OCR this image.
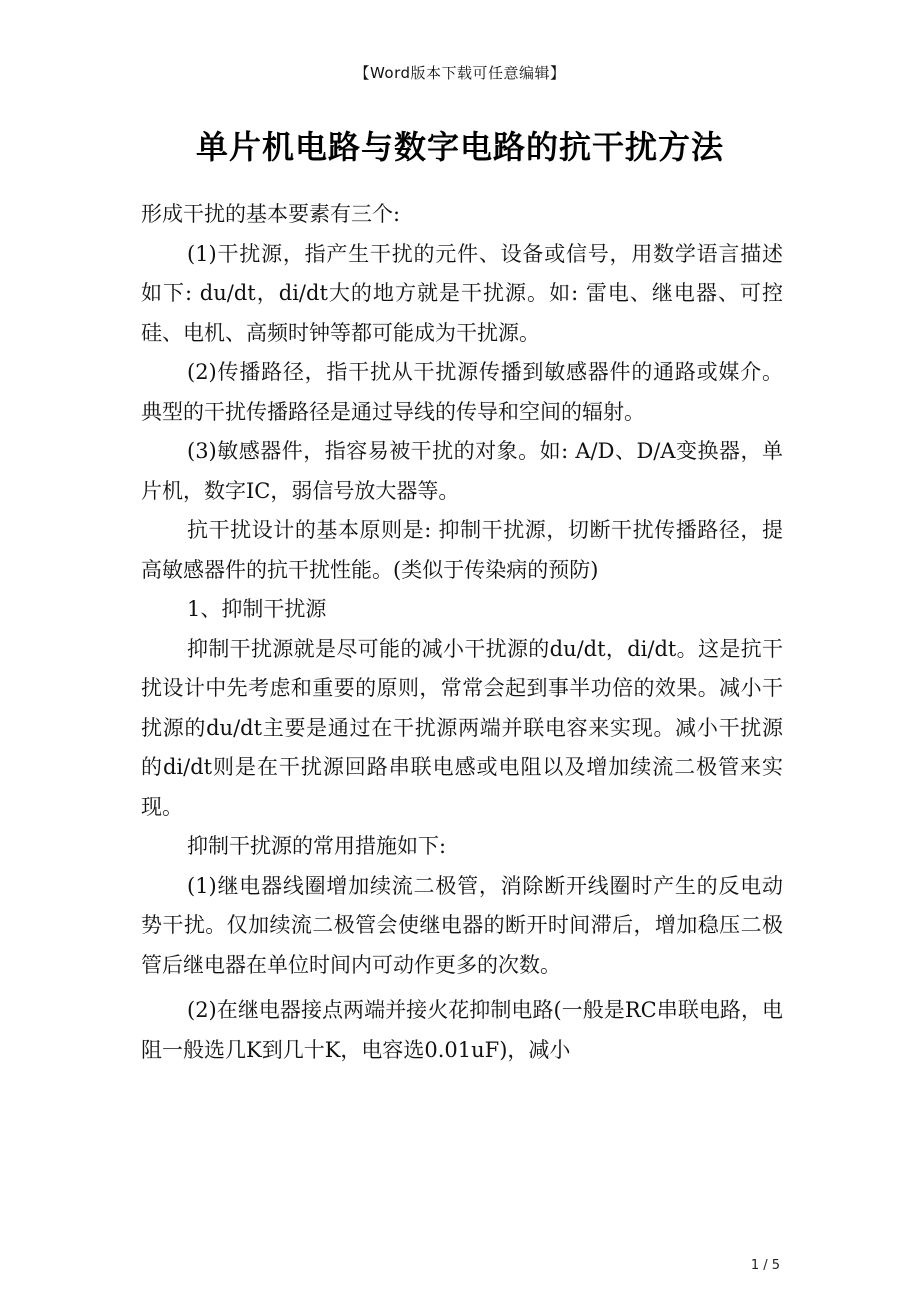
【Word版本下载可任意编辑】
单片机电路与数字电路的抗干扰方法

形成干扰的基本要素有三个:

(1)干扰源，指产生干扰的元件、设备或信号，用数学语言描述如下: du/dt，di/dt大的地方就是干扰源。如: 雷电、继电器、可控硅、电机、高频时钟等都可能成为干扰源。

(2)传播路径，指干扰从干扰源传播到敏感器件的通路或媒介。典型的干扰传播路径是通过导线的传导和空间的辐射。

(3)敏感器件，指容易被干扰的对象。如: A/D、D/A变换器，单片机，数字IC，弱信号放大器等。

抗干扰设计的基本原则是: 抑制干扰源，切断干扰传播路径，提高敏感器件的抗干扰性能。(类似于传染病的预防)

1、抑制干扰源

抑制干扰源就是尽可能的减小干扰源的du/dt，di/dt。这是抗干扰设计中先考虑和重要的原则，常常会起到事半功倍的效果。减小干扰源的du/dt主要是通过在干扰源两端并联电容来实现。减小干扰源的di/dt则是在干扰源回路串联电感或电阻以及增加续流二极管来实现。

抑制干扰源的常用措施如下:

(1)继电器线圈增加续流二极管，消除断开线圈时产生的反电动势干扰。仅加续流二极管会使继电器的断开时间滞后，增加稳压二极管后继电器在单位时间内可动作更多的次数。

(2)在继电器接点两端并接火花抑制电路(一般是RC串联电路，电阻一般选几K到几十K，电容选0.01uF)，减小

1 / 5
